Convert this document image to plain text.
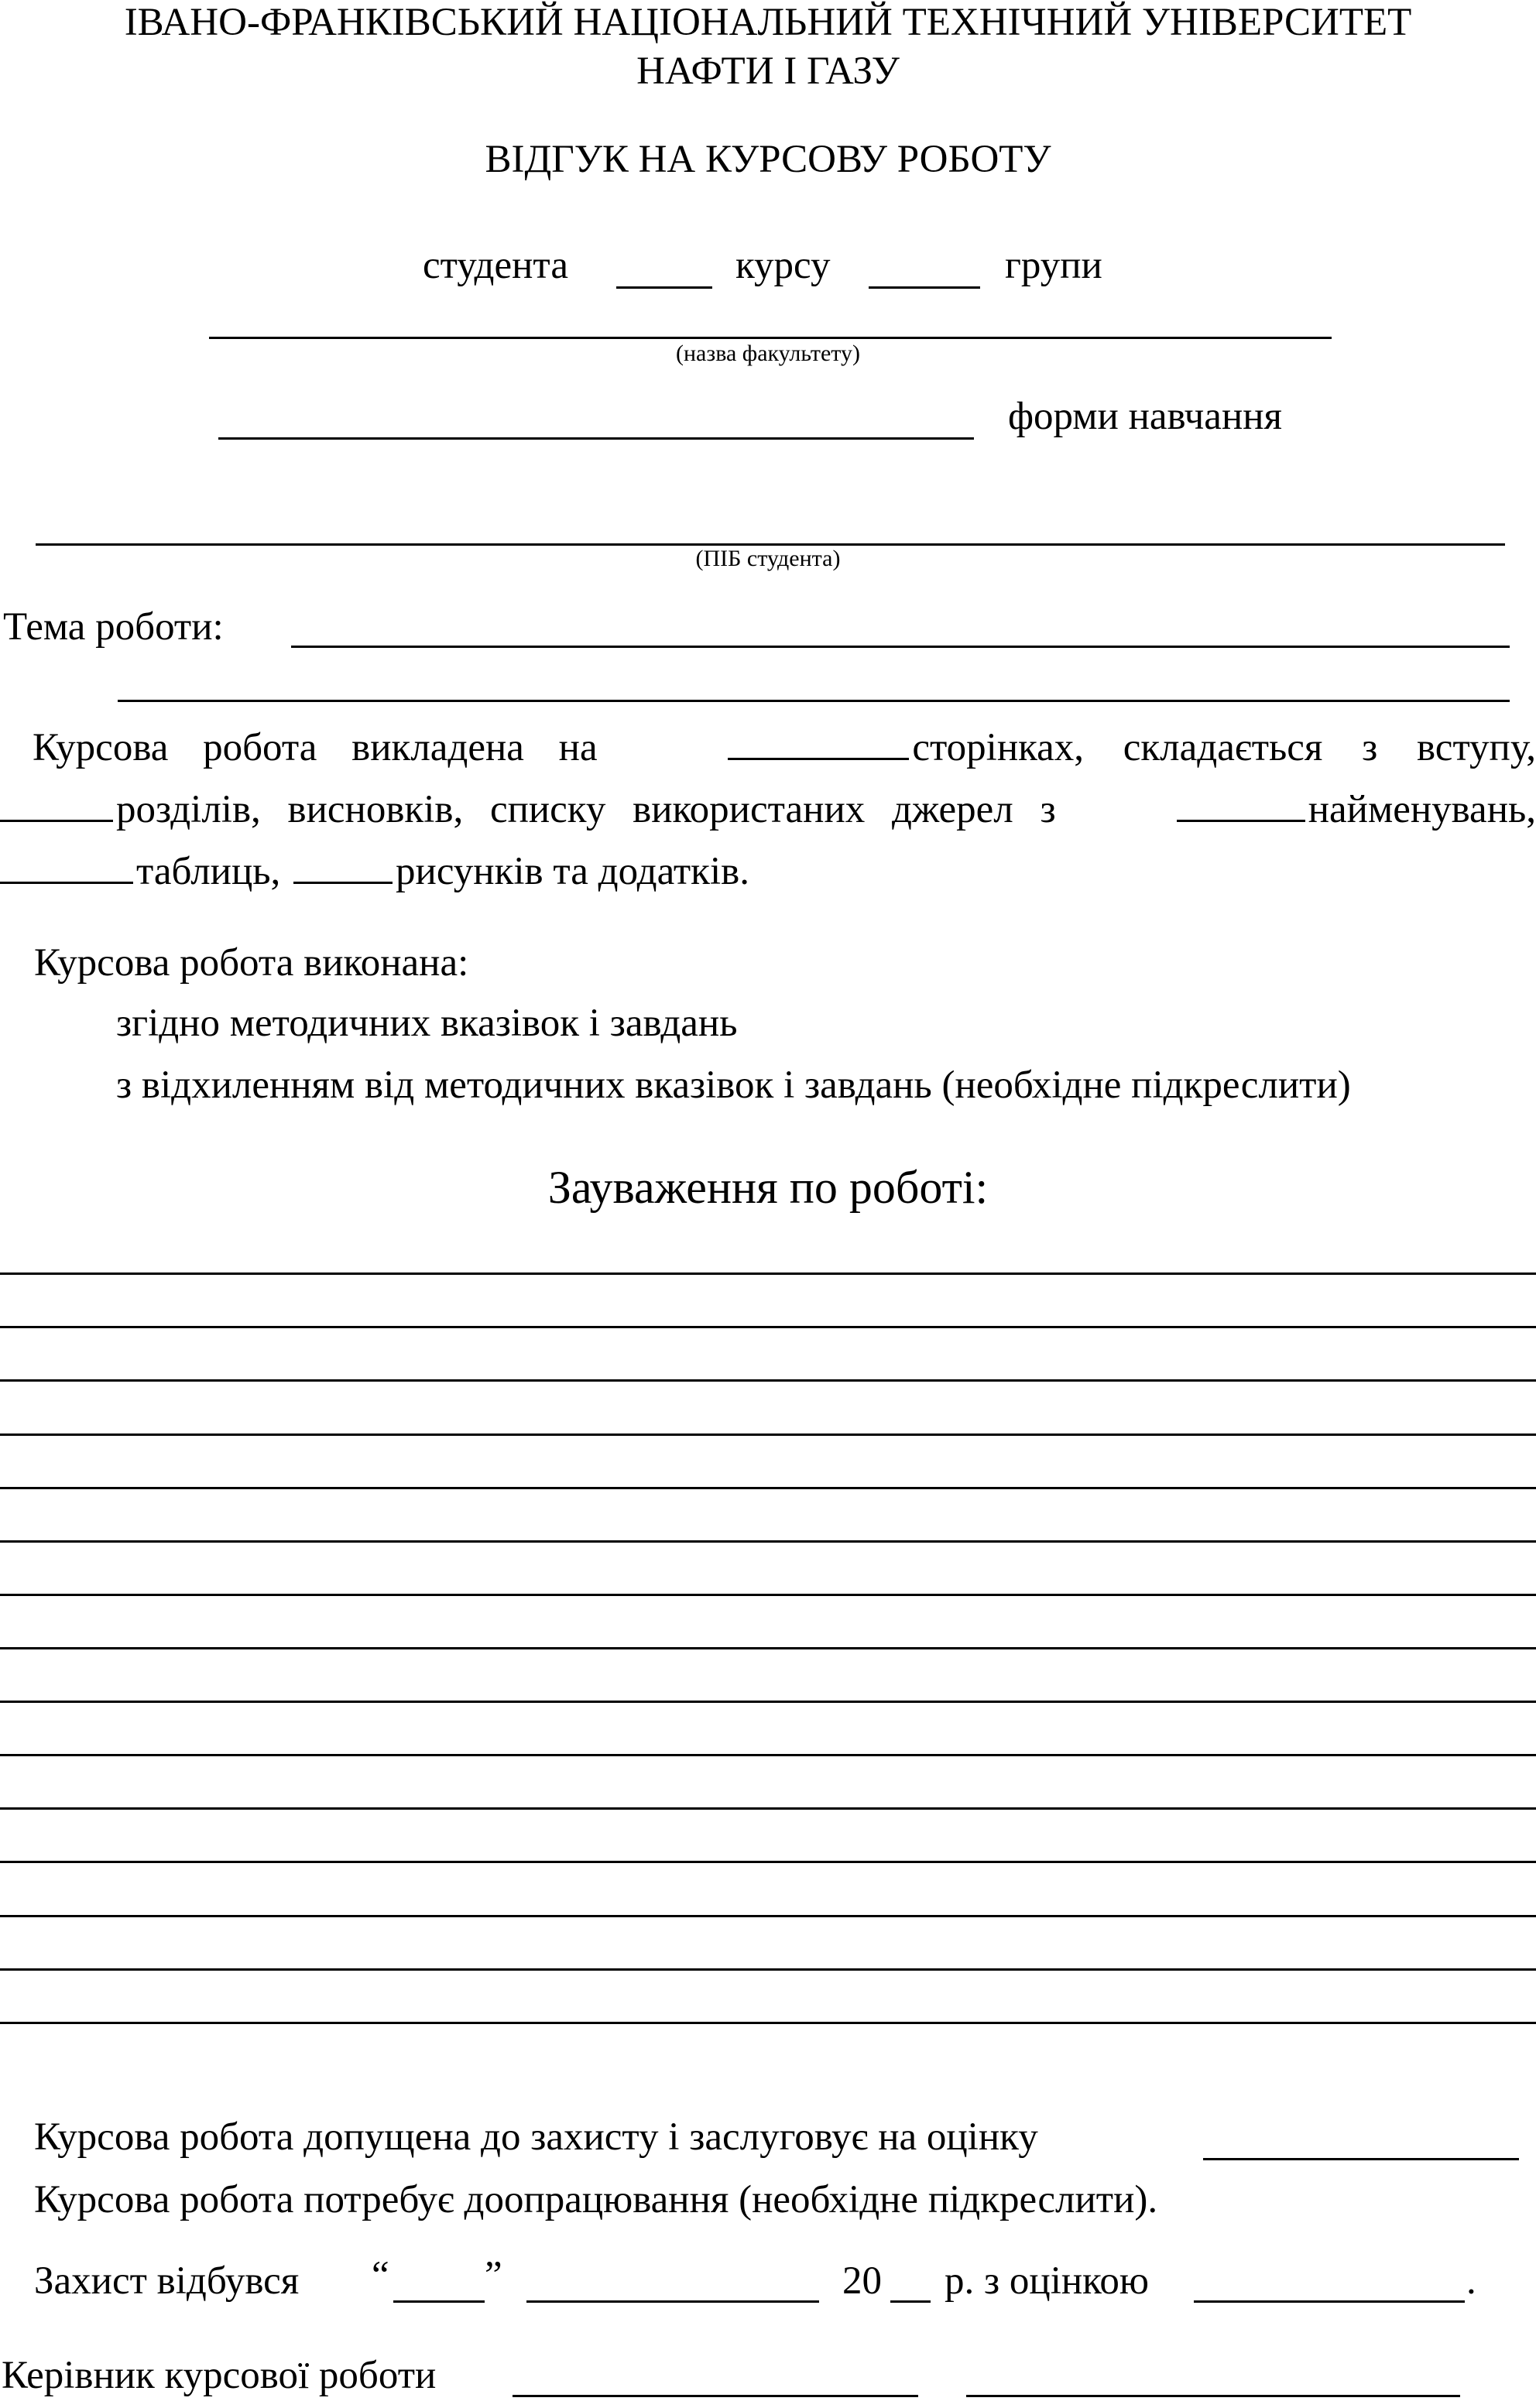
ІВАНО-ФРАНКІВСЬКИЙ НАЦІОНАЛЬНИЙ ТЕХНІЧНИЙ УНІВЕРСИТЕТ
НАФТИ І ГАЗУ
ВІДГУК НА КУРСОВУ РОБОТУ
студента	курсу	групи
(назва факультету)
форми навчання
(ПІБ студента)
Тема роботи:
Курсова робота викладена на	сторінках, складається з вступу,
розділів, висновків, списку використаних джерел з	найменувань,
таблиць,	рисунків та додатків.
Курсова робота виконана:
згідно методичних вказівок і завдань
з відхиленням від методичних вказівок і завдань (необхідне підкреслити)
Зауваження по роботі:
Курсова робота допущена до захисту і заслуговує на оцінку
Курсова робота потребує доопрацювання (необхідне підкреслити).
Захист відбувся “ ”	20 р. з оцінкою	.
Керівник курсової роботи
